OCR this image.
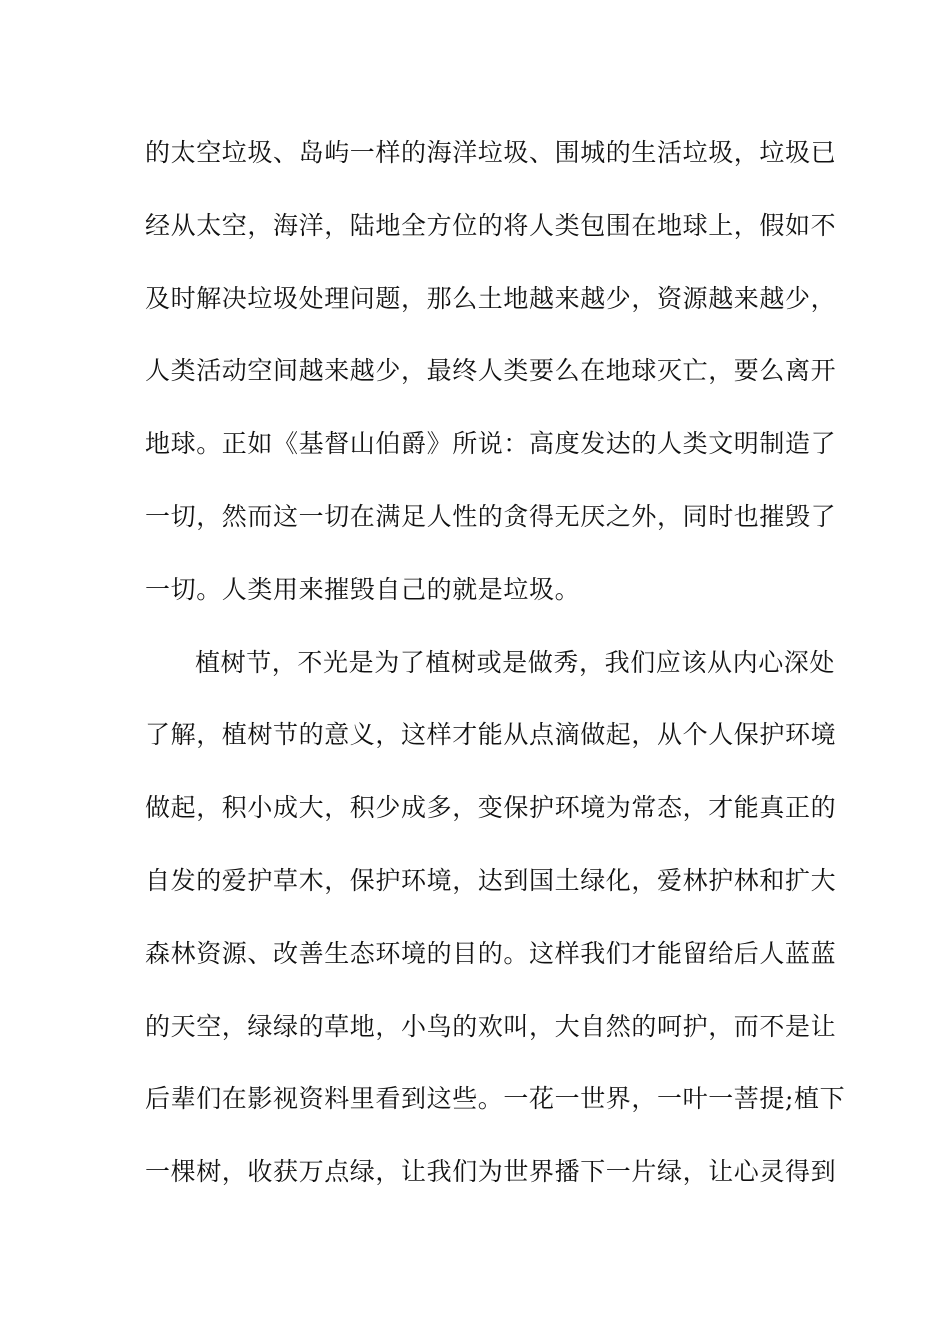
的太空垃圾、岛屿一样的海洋垃圾、围城的生活垃圾，垃圾已
经从太空，海洋，陆地全方位的将人类包围在地球上，假如不
及时解决垃圾处理问题，那么土地越来越少，资源越来越少，
人类活动空间越来越少，最终人类要么在地球灭亡，要么离开
地球。正如《基督山伯爵》所说：高度发达的人类文明制造了
一切，然而这一切在满足人性的贪得无厌之外，同时也摧毁了
一切。人类用来摧毁自己的就是垃圾。
植树节，不光是为了植树或是做秀，我们应该从内心深处
了解，植树节的意义，这样才能从点滴做起，从个人保护环境
做起，积小成大，积少成多，变保护环境为常态，才能真正的
自发的爱护草木，保护环境，达到国土绿化，爱林护林和扩大
森林资源、改善生态环境的目的。这样我们才能留给后人蓝蓝
的天空，绿绿的草地，小鸟的欢叫，大自然的呵护，而不是让
后辈们在影视资料里看到这些。一花一世界，一叶一菩提;植下
一棵树，收获万点绿，让我们为世界播下一片绿，让心灵得到
